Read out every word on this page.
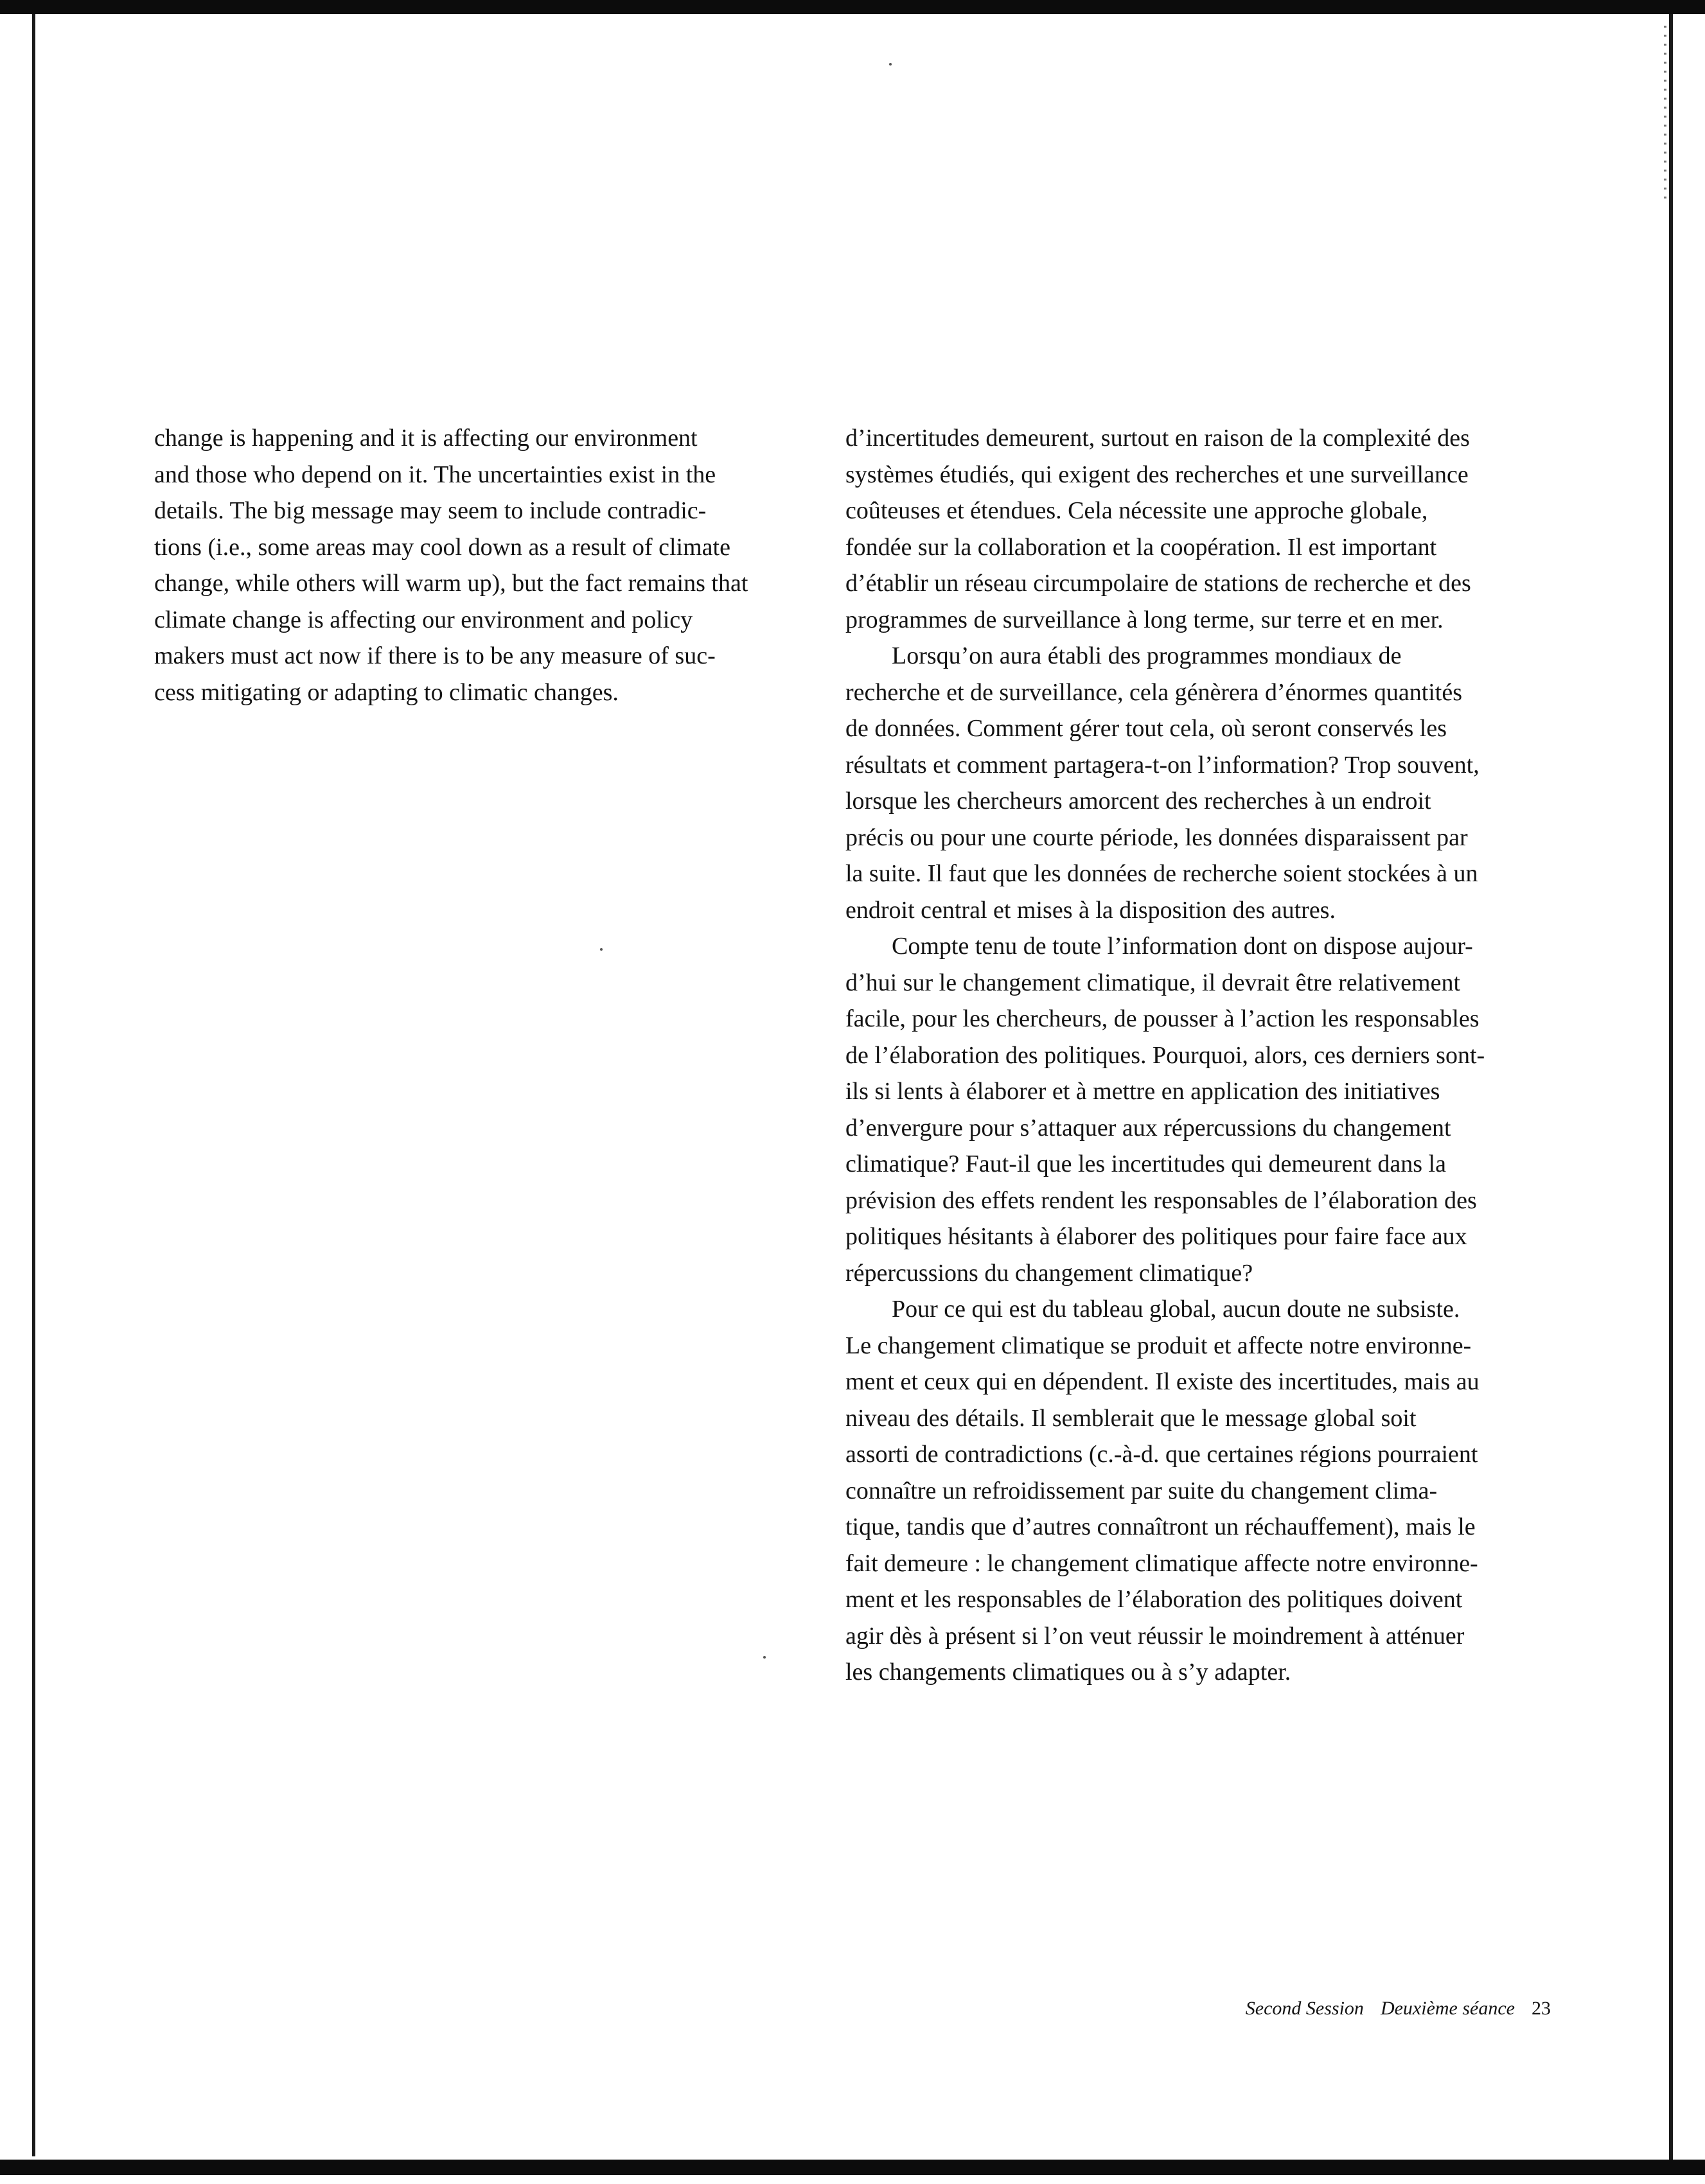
change is happening and it is affecting our environment
and those who depend on it. The uncertainties exist in the
details. The big message may seem to include contradic-
tions (i.e., some areas may cool down as a result of climate
change, while others will warm up), but the fact remains that
climate change is affecting our environment and policy
makers must act now if there is to be any measure of suc-
cess mitigating or adapting to climatic changes.

d’incertitudes demeurent, surtout en raison de la complexité des
systèmes étudiés, qui exigent des recherches et une surveillance
coûteuses et étendues. Cela nécessite une approche globale,
fondée sur la collaboration et la coopération. Il est important
d’établir un réseau circumpolaire de stations de recherche et des
programmes de surveillance à long terme, sur terre et en mer.

Lorsqu’on aura établi des programmes mondiaux de
recherche et de surveillance, cela génèrera d’énormes quantités
de données. Comment gérer tout cela, où seront conservés les
résultats et comment partagera-t-on l’information? Trop souvent,
lorsque les chercheurs amorcent des recherches à un endroit
précis ou pour une courte période, les données disparaissent par
la suite. Il faut que les données de recherche soient stockées à un
endroit central et mises à la disposition des autres.

Compte tenu de toute l’information dont on dispose aujour-
d’hui sur le changement climatique, il devrait être relativement
facile, pour les chercheurs, de pousser à l’action les responsables
de l’élaboration des politiques. Pourquoi, alors, ces derniers sont-
ils si lents à élaborer et à mettre en application des initiatives
d’envergure pour s’attaquer aux répercussions du changement
climatique? Faut-il que les incertitudes qui demeurent dans la
prévision des effets rendent les responsables de l’élaboration des
politiques hésitants à élaborer des politiques pour faire face aux
répercussions du changement climatique?

Pour ce qui est du tableau global, aucun doute ne subsiste.
Le changement climatique se produit et affecte notre environne-
ment et ceux qui en dépendent. Il existe des incertitudes, mais au
niveau des détails. Il semblerait que le message global soit
assorti de contradictions (c.-à-d. que certaines régions pourraient
connaître un refroidissement par suite du changement clima-
tique, tandis que d’autres connaîtront un réchauffement), mais le
fait demeure : le changement climatique affecte notre environne-
ment et les responsables de l’élaboration des politiques doivent
agir dès à présent si l’on veut réussir le moindrement à atténuer
les changements climatiques ou à s’y adapter.

Second Session Deuxième séance 23
